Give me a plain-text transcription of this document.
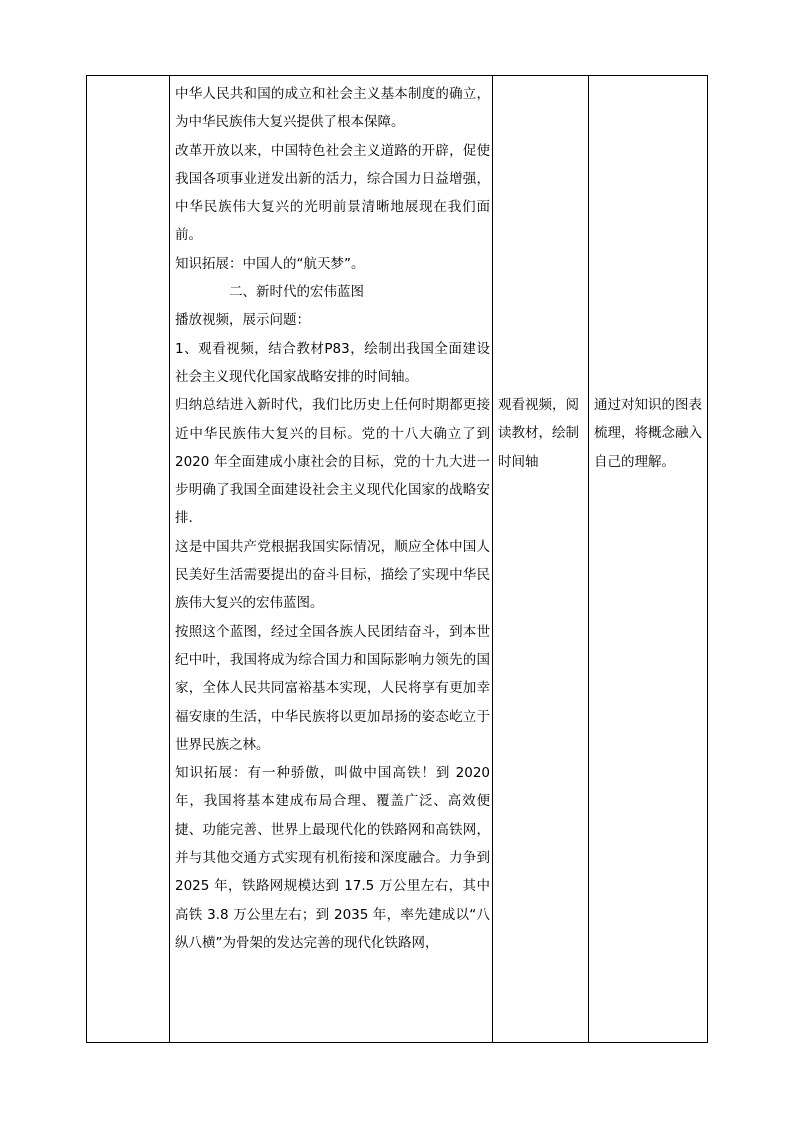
中华人民共和国的成立和社会主义基本制度的确立，为中华民族伟大复兴提供了根本保障。

改革开放以来，中国特色社会主义道路的开辟，促使我国各项事业迸发出新的活力，综合国力日益增强，中华民族伟大复兴的光明前景清晰地展现在我们面前。

知识拓展：中国人的“航天梦”。

二、新时代的宏伟蓝图

播放视频，展示问题：

1、观看视频，结合教材P83，绘制出我国全面建设社会主义现代化国家战略安排的时间轴。

归纳总结进入新时代，我们比历史上任何时期都更接近中华民族伟大复兴的目标。党的十八大确立了到 2020 年全面建成小康社会的目标，党的十九大进一步明确了我国全面建设社会主义现代化国家的战略安排.

这是中国共产党根据我国实际情况，顺应全体中国人民美好生活需要提出的奋斗目标，描绘了实现中华民族伟大复兴的宏伟蓝图。

按照这个蓝图，经过全国各族人民团结奋斗，到本世纪中叶，我国将成为综合国力和国际影响力领先的国家，全体人民共同富裕基本实现，人民将享有更加幸福安康的生活，中华民族将以更加昂扬的姿态屹立于世界民族之林。

知识拓展：有一种骄傲，叫做中国高铁！到 2020年，我国将基本建成布局合理、覆盖广泛、高效便捷、功能完善、世界上最现代化的铁路网和高铁网，并与其他交通方式实现有机衔接和深度融合。力争到 2025 年，铁路网规模达到 17.5 万公里左右，其中高铁 3.8 万公里左右；到 2035 年，率先建成以“八纵八横”为骨架的发达完善的现代化铁路网，

观看视频，阅读教材，绘制时间轴

通过对知识的图表梳理，将概念融入自己的理解。
